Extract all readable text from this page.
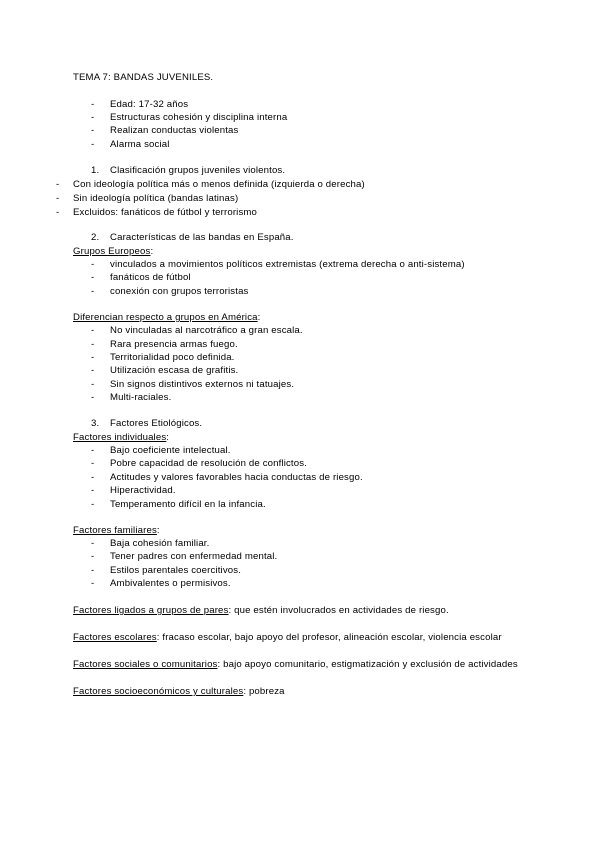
TEMA 7: BANDAS JUVENILES.
- Edad: 17-32 años
- Estructuras cohesión y disciplina interna
- Realizan conductas violentas
- Alarma social
1. Clasificación grupos juveniles violentos.
- Con ideología política más o menos definida (izquierda o derecha)
- Sin ideología política (bandas latinas)
- Excluidos: fanáticos de fútbol y terrorismo
2. Características de las bandas en España.
Grupos Europeos:
- vinculados a movimientos políticos extremistas (extrema derecha o anti-sistema)
- fanáticos de fútbol
- conexión con grupos terroristas
Diferencian respecto a grupos en América:
- No vinculadas al narcotráfico a gran escala.
- Rara presencia armas fuego.
- Territorialidad poco definida.
- Utilización escasa de grafitis.
- Sin signos distintivos externos ni tatuajes.
- Multi-raciales.
3. Factores Etiológicos.
Factores individuales:
- Bajo coeficiente intelectual.
- Pobre capacidad de resolución de conflictos.
- Actitudes y valores favorables hacia conductas de riesgo.
- Hiperactividad.
- Temperamento difícil en la infancia.
Factores familiares:
- Baja cohesión familiar.
- Tener padres con enfermedad mental.
- Estilos parentales coercitivos.
- Ambivalentes o permisivos.
Factores ligados a grupos de pares: que estén involucrados en actividades de riesgo.
Factores escolares: fracaso escolar, bajo apoyo del profesor, alineación escolar, violencia escolar
Factores sociales o comunitarios: bajo apoyo comunitario, estigmatización y exclusión de actividades
Factores socioeconómicos y culturales: pobreza
